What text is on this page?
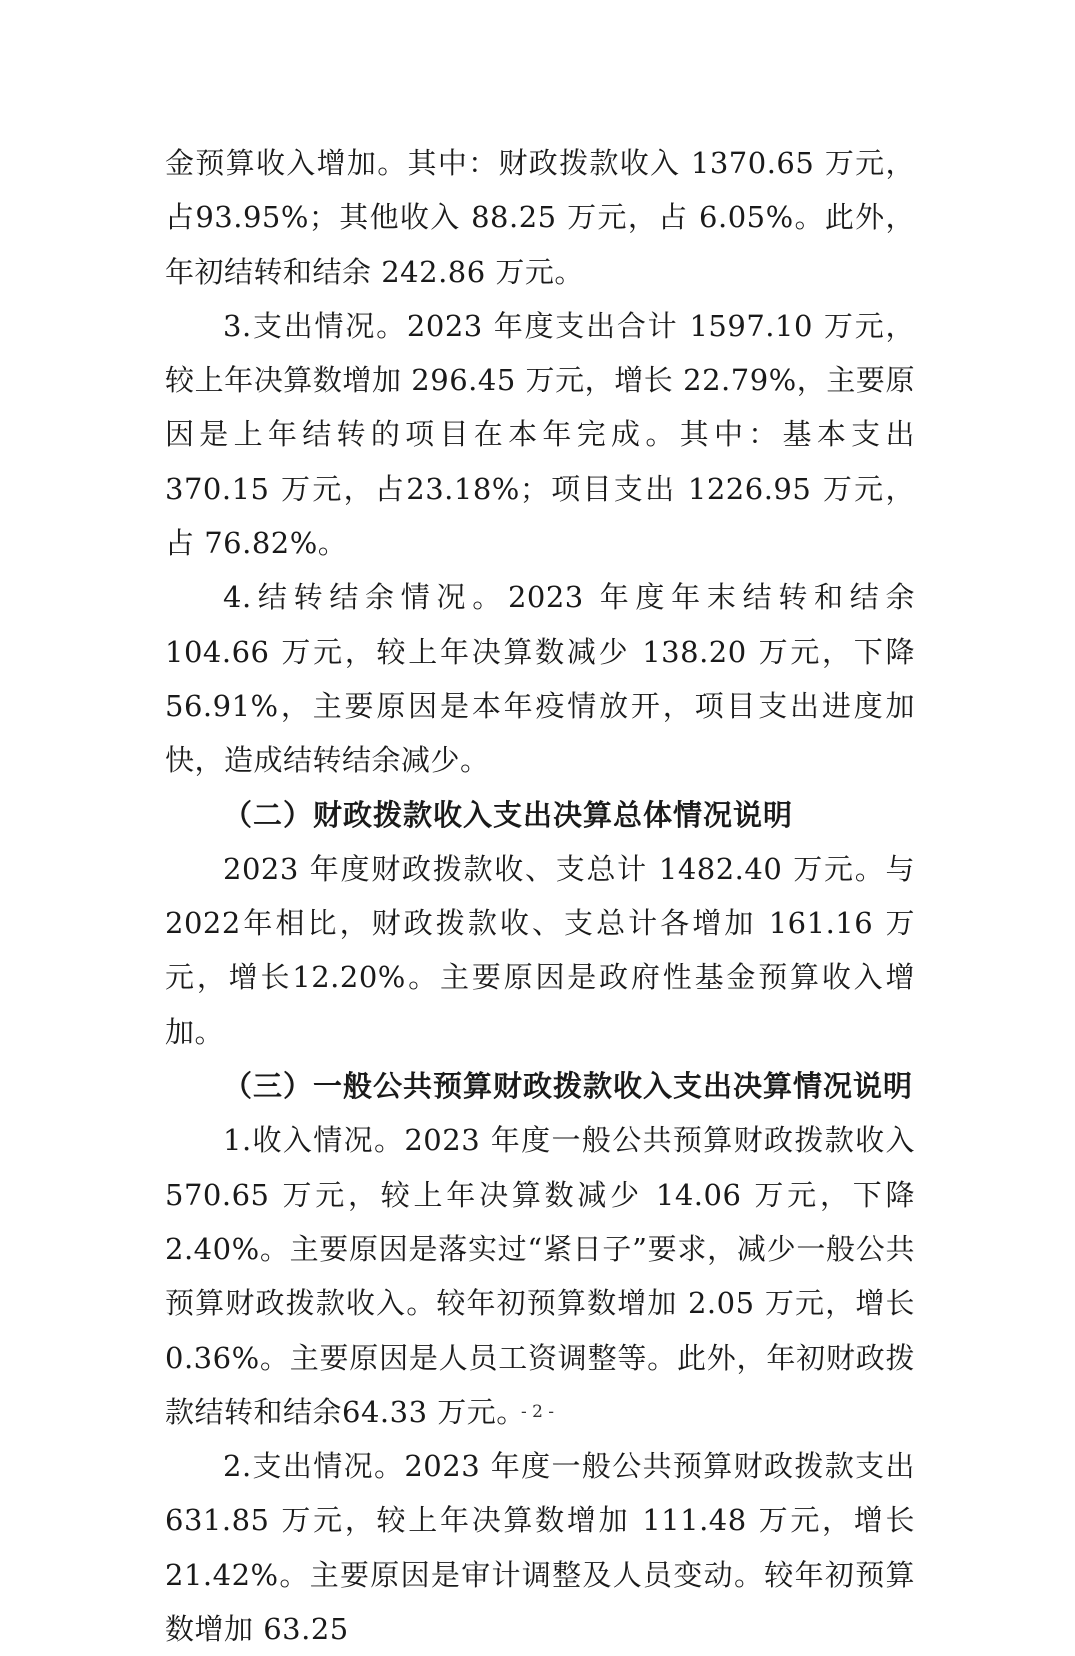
金预算收入增加。其中：财政拨款收入 1370.65 万元，占93.95%；其他收入 88.25 万元，占 6.05%。此外，年初结转和结余 242.86 万元。

3.支出情况。2023 年度支出合计 1597.10 万元，较上年决算数增加 296.45 万元，增长 22.79%，主要原因是上年结转的项目在本年完成。其中：基本支出 370.15 万元，占23.18%；项目支出 1226.95 万元，占 76.82%。

4.结转结余情况。2023 年度年末结转和结余 104.66 万元，较上年决算数减少 138.20 万元，下降 56.91%，主要原因是本年疫情放开，项目支出进度加快，造成结转结余减少。

（二）财政拨款收入支出决算总体情况说明

2023 年度财政拨款收、支总计 1482.40 万元。与 2022年相比，财政拨款收、支总计各增加 161.16 万元，增长12.20%。主要原因是政府性基金预算收入增加。

（三）一般公共预算财政拨款收入支出决算情况说明

1.收入情况。2023 年度一般公共预算财政拨款收入570.65 万元，较上年决算数减少 14.06 万元，下降 2.40%。主要原因是落实过“紧日子”要求，减少一般公共预算财政拨款收入。较年初预算数增加 2.05 万元，增长 0.36%。主要原因是人员工资调整等。此外，年初财政拨款结转和结余64.33 万元。

2.支出情况。2023 年度一般公共预算财政拨款支出631.85 万元，较上年决算数增加 111.48 万元，增长 21.42%。主要原因是审计调整及人员变动。较年初预算数增加 63.25

- 2 -
